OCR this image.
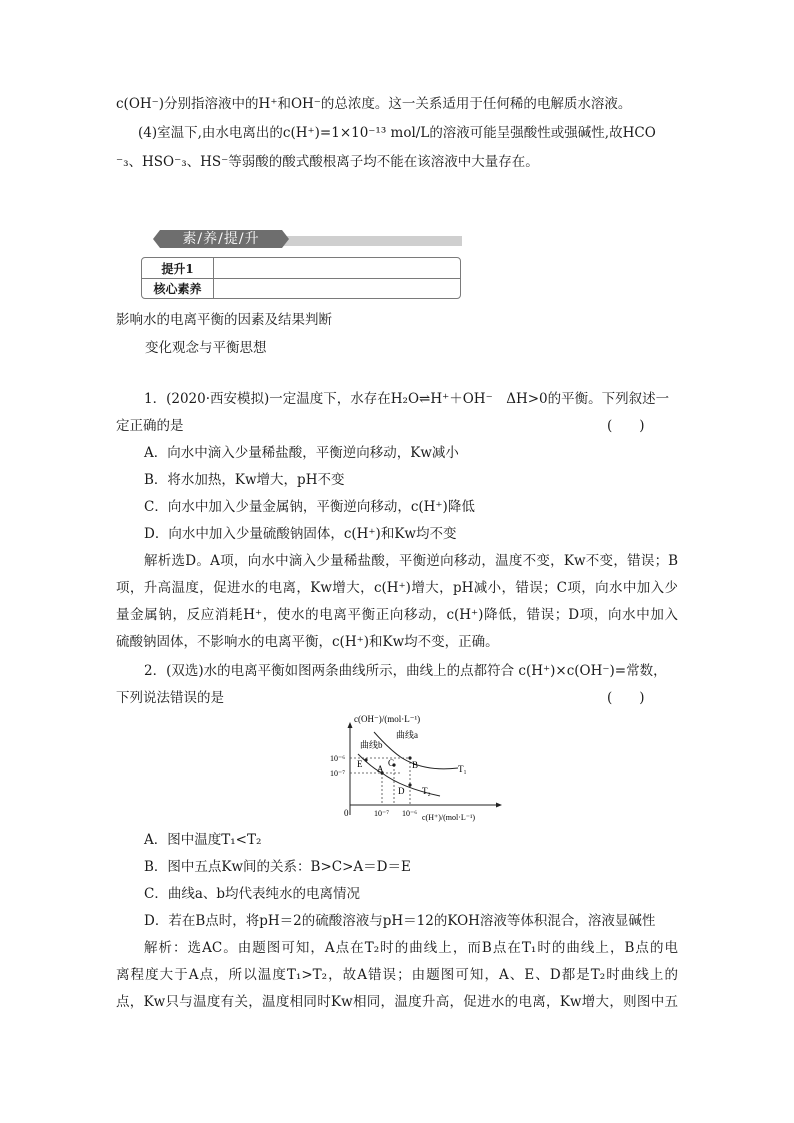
c(OH⁻)分别指溶液中的H⁺和OH⁻的总浓度。这一关系适用于任何稀的电解质水溶液。
(4)室温下,由水电离出的c(H⁺)=1×10⁻¹³ mol/L的溶液可能呈强酸性或强碱性,故HCO
⁻₃、HSO⁻₃、HS⁻等弱酸的酸式酸根离子均不能在该溶液中大量存在。
素/养/提/升
提升1
核心素养
影响水的电离平衡的因素及结果判断
变化观念与平衡思想
1．(2020·西安模拟)一定温度下，水存在H₂O⇌H⁺＋OH⁻　ΔH>0的平衡。下列叙述一
定正确的是	(　　)
A．向水中滴入少量稀盐酸，平衡逆向移动，Kw减小
B．将水加热，Kw增大，pH不变
C．向水中加入少量金属钠，平衡逆向移动，c(H⁺)降低
D．向水中加入少量硫酸钠固体，c(H⁺)和Kw均不变
解析选D。A项，向水中滴入少量稀盐酸，平衡逆向移动，温度不变，Kw不变，错误；B
项，升高温度，促进水的电离，Kw增大，c(H⁺)增大，pH减小，错误；C项，向水中加入少
量金属钠，反应消耗H⁺，使水的电离平衡正向移动，c(H⁺)降低，错误；D项，向水中加入
硫酸钠固体，不影响水的电离平衡，c(H⁺)和Kw均不变，正确。
2．(双选)水的电离平衡如图两条曲线所示，曲线上的点都符合 c(H⁺)×c(OH⁻)=常数，
下列说法错误的是	(　　)
c(OH⁻)/(mol·L⁻¹)
c(H⁺)/(mol·L⁻¹)
0
10⁻⁶
10⁻⁷
10⁻⁷ 10⁻⁶
曲线a
曲线b
T₁
T₂
A	B
C
D
E
A．图中温度T₁<T₂
B．图中五点Kw间的关系：B>C>A＝D＝E
C．曲线a、b均代表纯水的电离情况
D．若在B点时，将pH＝2的硫酸溶液与pH＝12的KOH溶液等体积混合，溶液显碱性
解析：选AC。由题图可知，A点在T₂时的曲线上，而B点在T₁时的曲线上，B点的电
离程度大于A点，所以温度T₁>T₂，故A错误；由题图可知，A、E、D都是T₂时曲线上的
点，Kw只与温度有关，温度相同时Kw相同，温度升高，促进水的电离，Kw增大，则图中五
